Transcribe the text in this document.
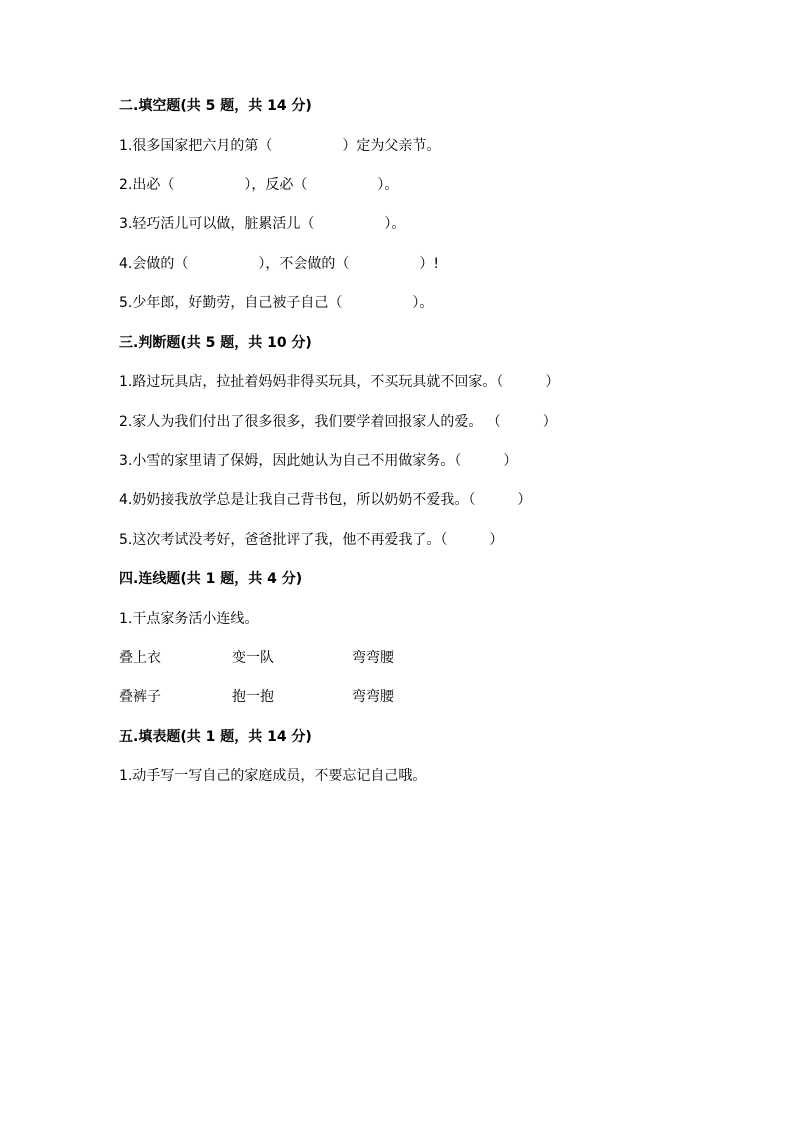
二.填空题(共 5 题，共 14 分)
1.很多国家把六月的第（　　　　　）定为父亲节。
2.出必（　　　　　），反必（　　　　　）。
3.轻巧活儿可以做，脏累活儿（　　　　　）。
4.会做的（　　　　　），不会做的（　　　　　）!
5.少年郎，好勤劳，自己被子自己（　　　　　）。
三.判断题(共 5 题，共 10 分)
1.路过玩具店，拉扯着妈妈非得买玩具，不买玩具就不回家。（　　　）
2.家人为我们付出了很多很多，我们要学着回报家人的爱。 （　　　）
3.小雪的家里请了保姆，因此她认为自己不用做家务。（　　　）
4.奶奶接我放学总是让我自己背书包，所以奶奶不爱我。（　　　）
5.这次考试没考好，爸爸批评了我，他不再爱我了。（　　　）
四.连线题(共 1 题，共 4 分)
1.干点家务活小连线。
叠上衣	变一队	弯弯腰
叠裤子	抱一抱	弯弯腰
五.填表题(共 1 题，共 14 分)
1.动手写一写自己的家庭成员，不要忘记自己哦。
